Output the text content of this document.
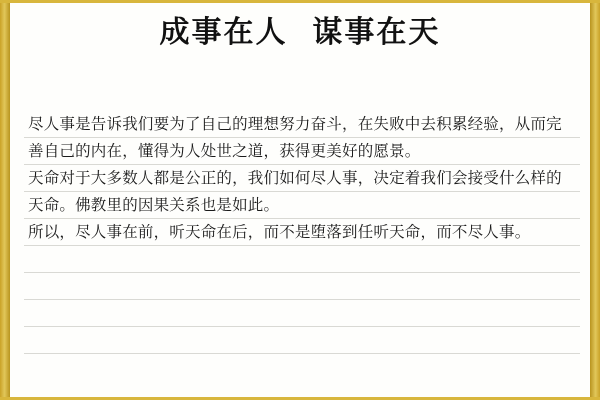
成事在人  谋事在天

尽人事是告诉我们要为了自己的理想努力奋斗，在失败中去积累经验，从而完善自己的内在，懂得为人处世之道，获得更美好的愿景。

天命对于大多数人都是公正的，我们如何尽人事，决定着我们会接受什么样的天命。佛教里的因果关系也是如此。

所以，尽人事在前，听天命在后，而不是堕落到任听天命，而不尽人事。
